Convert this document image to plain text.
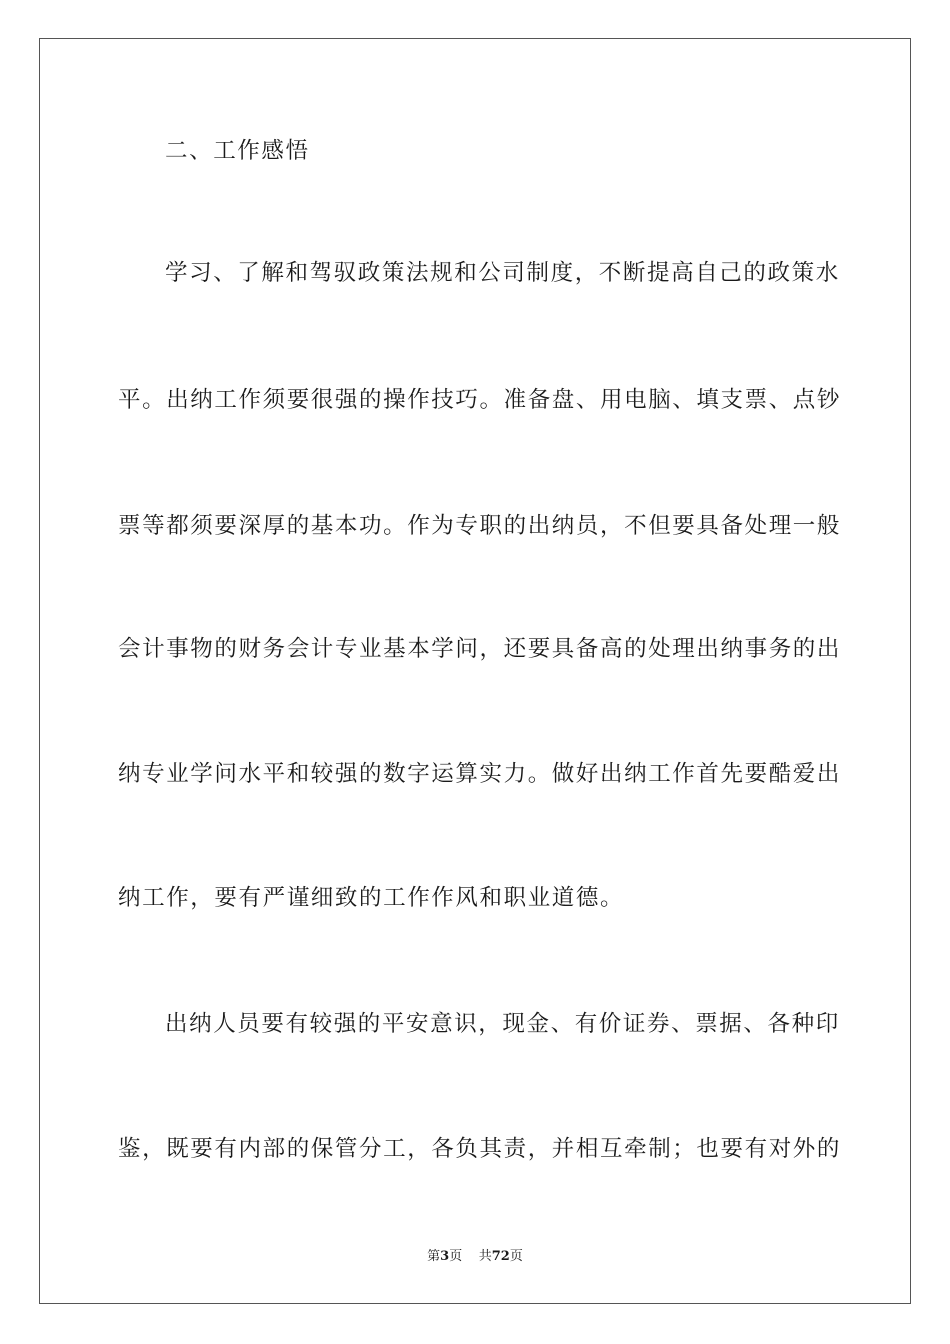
二、工作感悟
学习、了解和驾驭政策法规和公司制度，不断提高自己的政策水
平。出纳工作须要很强的操作技巧。准备盘、用电脑、填支票、点钞
票等都须要深厚的基本功。作为专职的出纳员，不但要具备处理一般
会计事物的财务会计专业基本学问，还要具备高的处理出纳事务的出
纳专业学问水平和较强的数字运算实力。做好出纳工作首先要酷爱出
纳工作，要有严谨细致的工作作风和职业道德。
出纳人员要有较强的平安意识，现金、有价证券、票据、各种印
鉴，既要有内部的保管分工，各负其责，并相互牵制；也要有对外的
第3页 共72页
